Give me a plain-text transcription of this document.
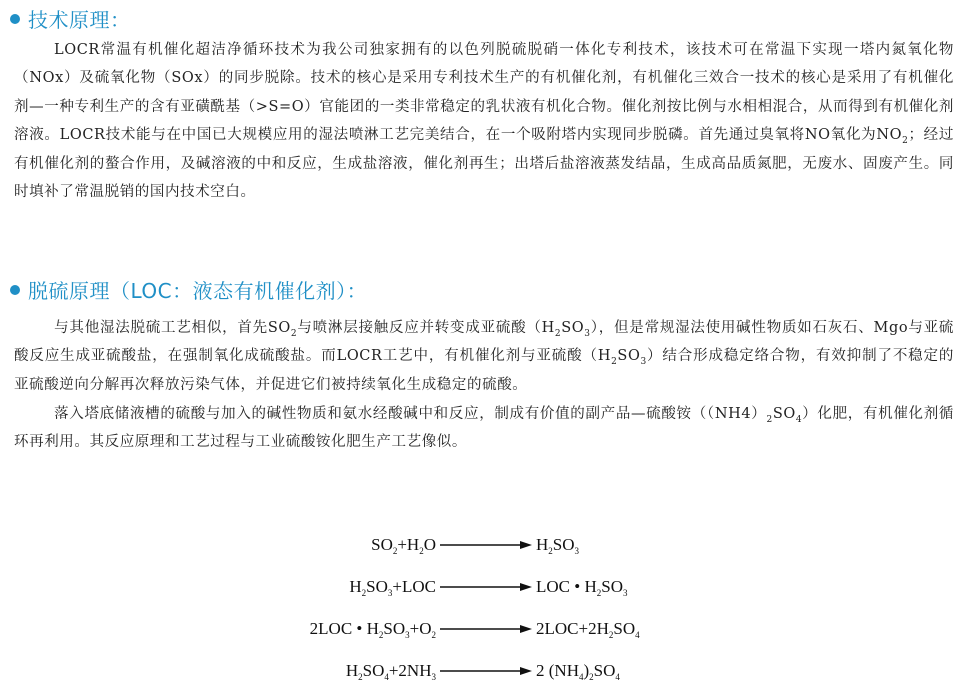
技术原理：

LOCR常温有机催化超洁净循环技术为我公司独家拥有的以色列脱硫脱硝一体化专利技术，该技术可在常温下实现一塔内氮氧化物（NOx）及硫氧化物（SOx）的同步脱除。技术的核心是采用专利技术生产的有机催化剂，有机催化三效合一技术的核心是采用了有机催化剂—一种专利生产的含有亚磺酰基（>S=O）官能团的一类非常稳定的乳状液有机化合物。催化剂按比例与水相相混合，从而得到有机催化剂溶液。LOCR技术能与在中国已大规模应用的湿法喷淋工艺完美结合，在一个吸附塔内实现同步脱磷。首先通过臭氧将NO氧化为$NO_2$；经过有机催化剂的螯合作用，及碱溶液的中和反应，生成盐溶液，催化剂再生；出塔后盐溶液蒸发结晶，生成高品质氮肥，无废水、固废产生。同时填补了常温脱销的国内技术空白。

脱硫原理（LOC：液态有机催化剂）：

与其他湿法脱硫工艺相似，首先$SO_2$与喷淋层接触反应并转变成亚硫酸$(H_2SO_3)$，但是常规湿法使用碱性物质如石灰石、Mgo与亚硫酸反应生成亚硫酸盐，在强制氧化成硫酸盐。而LOCR工艺中，有机催化剂与亚硫酸$(H_2SO_3)$结合形成稳定络合物，有效抑制了不稳定的亚硫酸逆向分解再次释放污染气体，并促进它们被持续氧化生成稳定的硫酸。

落入塔底储液槽的硫酸与加入的碱性物质和氨水经酸碱中和反应，制成有价值的副产品—硫酸铵$((NH4)_2SO_4)$化肥，有机催化剂循环再利用。其反应原理和工艺过程与工业硫酸铵化肥生产工艺像似。

$SO_2+H_2O$	$H_2SO_3$
$H_2SO_3+LOC$	LOC • $H_2SO_3$
2LOC • $H_2SO_3+O_2$	$2LOC+2H_2SO_4$
$H_2SO_4+2NH_3$	2 $(NH_4)_2SO_4$
